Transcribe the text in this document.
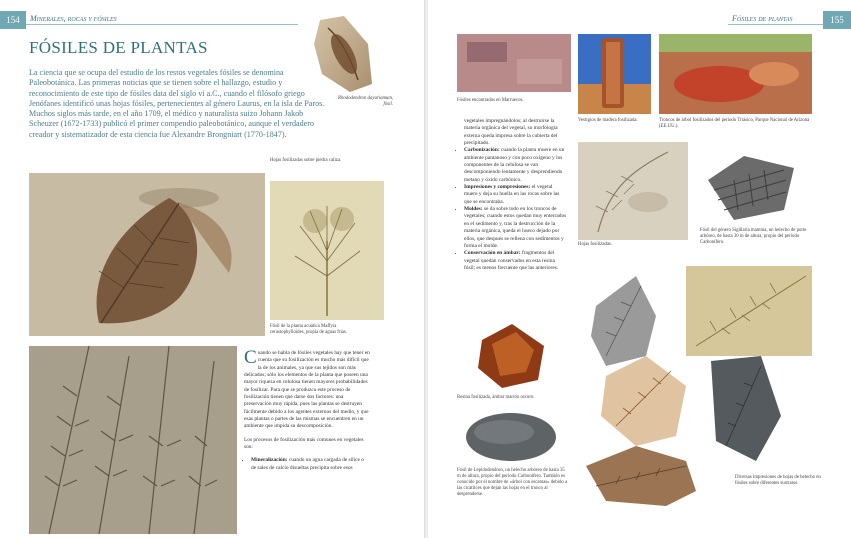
154	Minerales, rocas y fósiles
FÓSILES DE PLANTAS
La ciencia que se ocupa del estudio de los restos vegetales fósiles se denomina Paleobotánica. Las primeras noticias que se tienen sobre el hallazgo, estudio y reconocimiento de este tipo de fósiles data del siglo vi a.C., cuando el filósofo griego Jenófanes identificó unas hojas fósiles, pertenecientes al género Laurus, en la isla de Paros. Muchos siglos más tarde, en el año 1709, el médico y naturalista suizo Johann Jakob Scheuzer (1672-1733) publicó el primer compendio paleobotánico, aunque el verdadero creador y sistematizador de esta ciencia fue Alexandre Brongniart (1770-1847).
Rhododendron dayuriamum, fósil.
Hojas fosilizadas sobre piedra caliza.
Fósil de la planta acuática Maffyia cerastophylloides, propia de aguas frías.
Cuando se habla de fósiles vegetales hay que tener en cuenta que su fosilización es mucho más difícil que la de los animales, ya que sus tejidos son más delicados; sólo los elementos de la planta que poseen una mayor riqueza en celulosa tienen mayores probabilidades de fosilizar. Para que se produzca este proceso de fosilización tienen que darse dos factores: una preservación muy rápida, pues las plantas se destruyen fácilmente debido a los agentes externos del medio, y que esas plantas o partes de las mismas se encuentren en un ambiente que impida su descomposición.
Los procesos de fosilización más comunes en vegetales son:
• Mineralización: cuando un agua cargada de sílice o de sales de calcio disueltas precipita sobre esos
Fósiles de plantas	155
Fósiles encontrados en Marruecos.
Vestigios de madera fosilizada.	Troncos de árbol fosilizados del período Triásico, Parque Nacional de Arizona (EE.UU.).
vegetales impregnándolos; al destruirse la materia orgánica del vegetal, su morfología externa queda impresa sobre la cubierta del precipitado.
• Carbonización: cuando la planta muere en un ambiente pantanoso y con poco oxígeno y los componentes de la celulosa se van descomponiendo lentamente y desprendiendo metano y óxido carbónico.
• Impresiones y compresiones: el vegetal muere y deja su huella en las rocas sobre las que se encontraba.
• Moldes: se da sobre todo en los troncos de vegetales; cuando estos quedan muy enterrados en el sedimento y, tras la destrucción de la materia orgánica, queda el hueco dejado por ellos, que después se rellena con sedimentos y forma el molde.
• Conservación en ámbar: fragmentos del vegetal quedan conservados en esta resina fósil; es menos frecuente que las anteriores.
Hojas fosilizadas.
Fósil del género Sigillaria mamma, un helecho de porte arbóreo, de hasta 30 m de altura, propio del período Carbonífero.
Resina fosilizada, ámbar marrón oscuro.
Fósil de Lepidodendron, un helecho arbóreo de hasta 35 m de altura, propio del período Carbonífero. También es conocido por el nombre de «árbol con escamas» debido a las cicatrices que dejan las hojas en el tronco al desprenderse.
Diversas impresiones de hojas de helecho en fósiles sobre diferentes sustratos.
